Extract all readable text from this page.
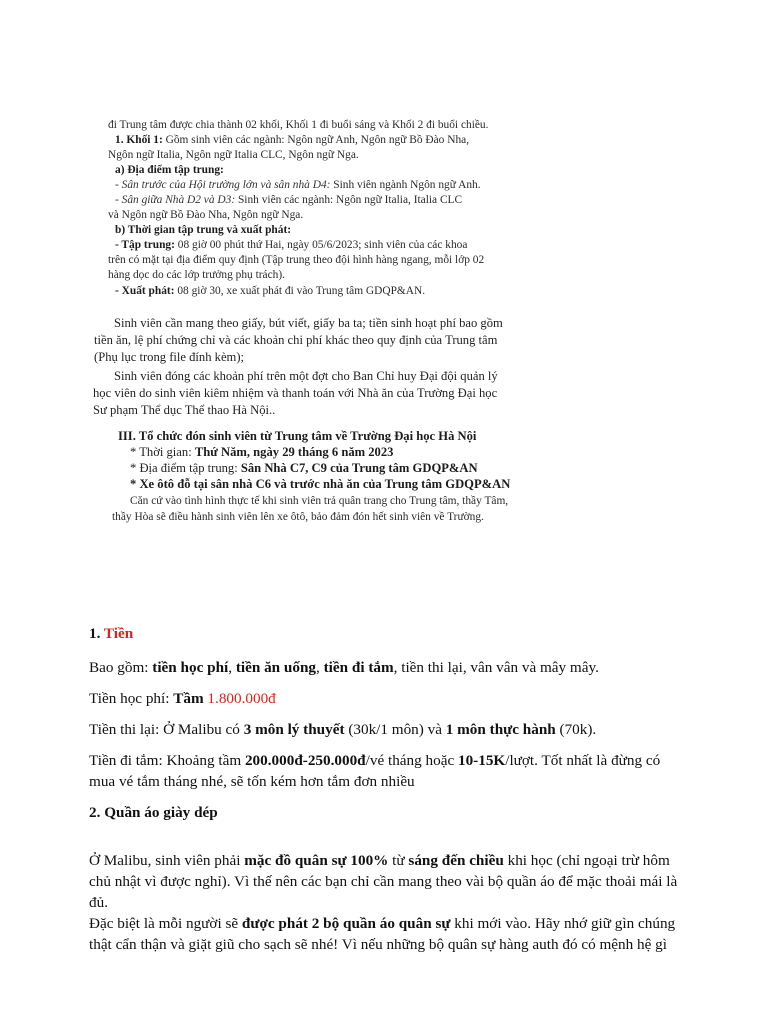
đi Trung tâm được chia thành 02 khối, Khối 1 đi buổi sáng và Khối 2 đi buổi chiều.
1. Khối 1: Gồm sinh viên các ngành: Ngôn ngữ Anh, Ngôn ngữ Bồ Đào Nha,
Ngôn ngữ Italia, Ngôn ngữ Italia CLC, Ngôn ngữ Nga.
a) Địa điểm tập trung:
- Sân trước của Hội trường lớn và sân nhà D4: Sinh viên ngành Ngôn ngữ Anh.
- Sân giữa Nhà D2 và D3: Sinh viên các ngành: Ngôn ngữ Italia, Italia CLC
và Ngôn ngữ Bồ Đào Nha, Ngôn ngữ Nga.
b) Thời gian tập trung và xuất phát:
- Tập trung: 08 giờ 00 phút thứ Hai, ngày 05/6/2023; sinh viên của các khoa
trên có mặt tại địa điểm quy định (Tập trung theo đội hình hàng ngang, mỗi lớp 02
hàng dọc do các lớp trưởng phụ trách).
- Xuất phát: 08 giờ 30, xe xuất phát đi vào Trung tâm GDQP&AN.
Sinh viên cần mang theo giấy, bút viết, giấy ba ta; tiền sinh hoạt phí bao gồm
tiền ăn, lệ phí chứng chỉ và các khoản chi phí khác theo quy định của Trung tâm
(Phụ lục trong file đính kèm);
Sinh viên đóng các khoản phí trên một đợt cho Ban Chỉ huy Đại đội quản lý
học viên do sinh viên kiêm nhiệm và thanh toán với Nhà ăn của Trường Đại học
Sư phạm Thể dục Thể thao Hà Nội..
III. Tổ chức đón sinh viên từ Trung tâm về Trường Đại học Hà Nội
* Thời gian: Thứ Năm, ngày 29 tháng 6 năm 2023
* Địa điểm tập trung: Sân Nhà C7, C9 của Trung tâm GDQP&AN
* Xe ôtô đỗ tại sân nhà C6 và trước nhà ăn của Trung tâm GDQP&AN
Căn cứ vào tình hình thực tế khi sinh viên trả quân trang cho Trung tâm, thầy Tâm,
thầy Hòa sẽ điều hành sinh viên lên xe ôtô, bảo đảm đón hết sinh viên về Trường.

1. Tiền

Bao gồm: tiền học phí, tiền ăn uống, tiền đi tắm, tiền thi lại, vân vân và mây mây.

Tiền học phí: Tầm 1.800.000đ

Tiền thi lại: Ở Malibu có 3 môn lý thuyết (30k/1 môn) và 1 môn thực hành (70k).

Tiền đi tắm: Khoảng tầm 200.000đ-250.000đ/vé tháng hoặc 10-15K/lượt. Tốt nhất là đừng có
mua vé tắm tháng nhé, sẽ tốn kém hơn tắm đơn nhiều

2. Quần áo giày dép

Ở Malibu, sinh viên phải mặc đồ quân sự 100% từ sáng đến chiều khi học (chỉ ngoại trừ hôm
chủ nhật vì được nghỉ). Vì thế nên các bạn chỉ cần mang theo vài bộ quần áo để mặc thoải mái là
đủ.

Đặc biệt là mỗi người sẽ được phát 2 bộ quần áo quân sự khi mới vào. Hãy nhớ giữ gìn chúng
thật cẩn thận và giặt giũ cho sạch sẽ nhé! Vì nếu những bộ quân sự hàng auth đó có mệnh hệ gì
